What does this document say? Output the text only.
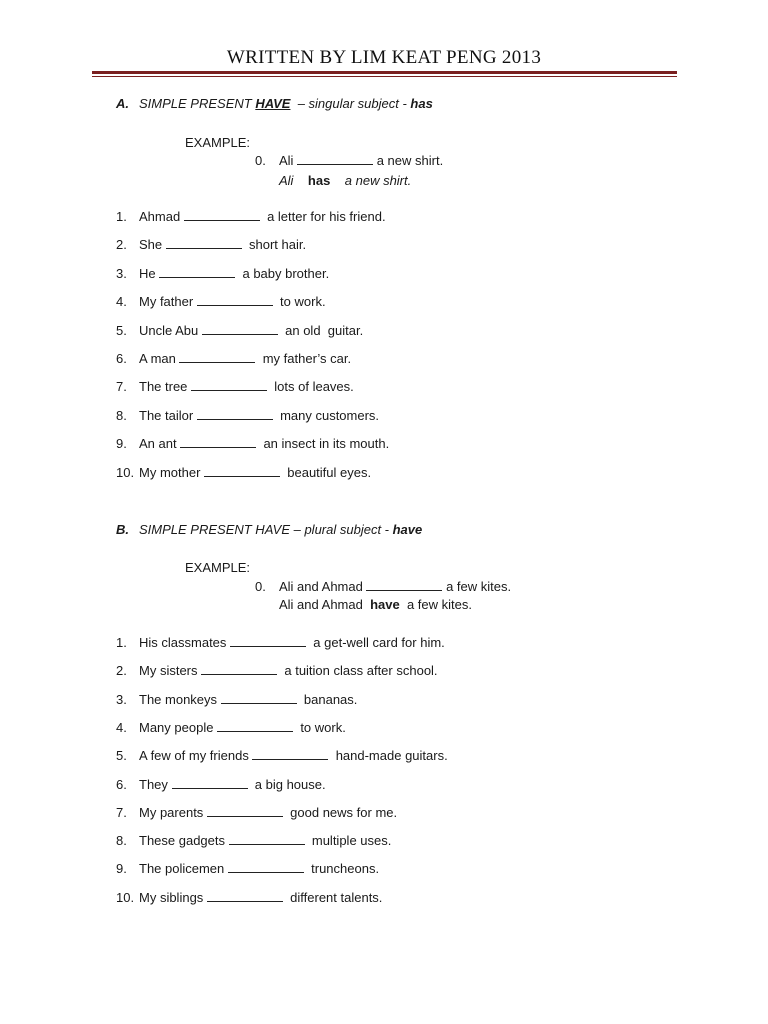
WRITTEN BY LIM KEAT PENG 2013
A. SIMPLE PRESENT HAVE  – singular subject - has
EXAMPLE:
0. Ali	a new shirt.
Ali has a new shirt.
1. Ahmad	a letter for his friend.
2. She	short hair.
3. He	a baby brother.
4. My father	to work.
5. Uncle Abu	an old  guitar.
6. A man	my father’s car.
7. The tree	lots of leaves.
8. The tailor	many customers.
9. An ant	an insect in its mouth.
10. My mother	beautiful eyes.
B. SIMPLE PRESENT HAVE – plural subject - have
EXAMPLE:
0. Ali and Ahmad	a few kites.
Ali and Ahmad have a few kites.
1. His classmates	a get-well card for him.
2. My sisters	a tuition class after school.
3. The monkeys	bananas.
4. Many people	to work.
5. A few of my friends	hand-made guitars.
6. They	a big house.
7. My parents	good news for me.
8. These gadgets	multiple uses.
9. The policemen	truncheons.
10. My siblings	different talents.
